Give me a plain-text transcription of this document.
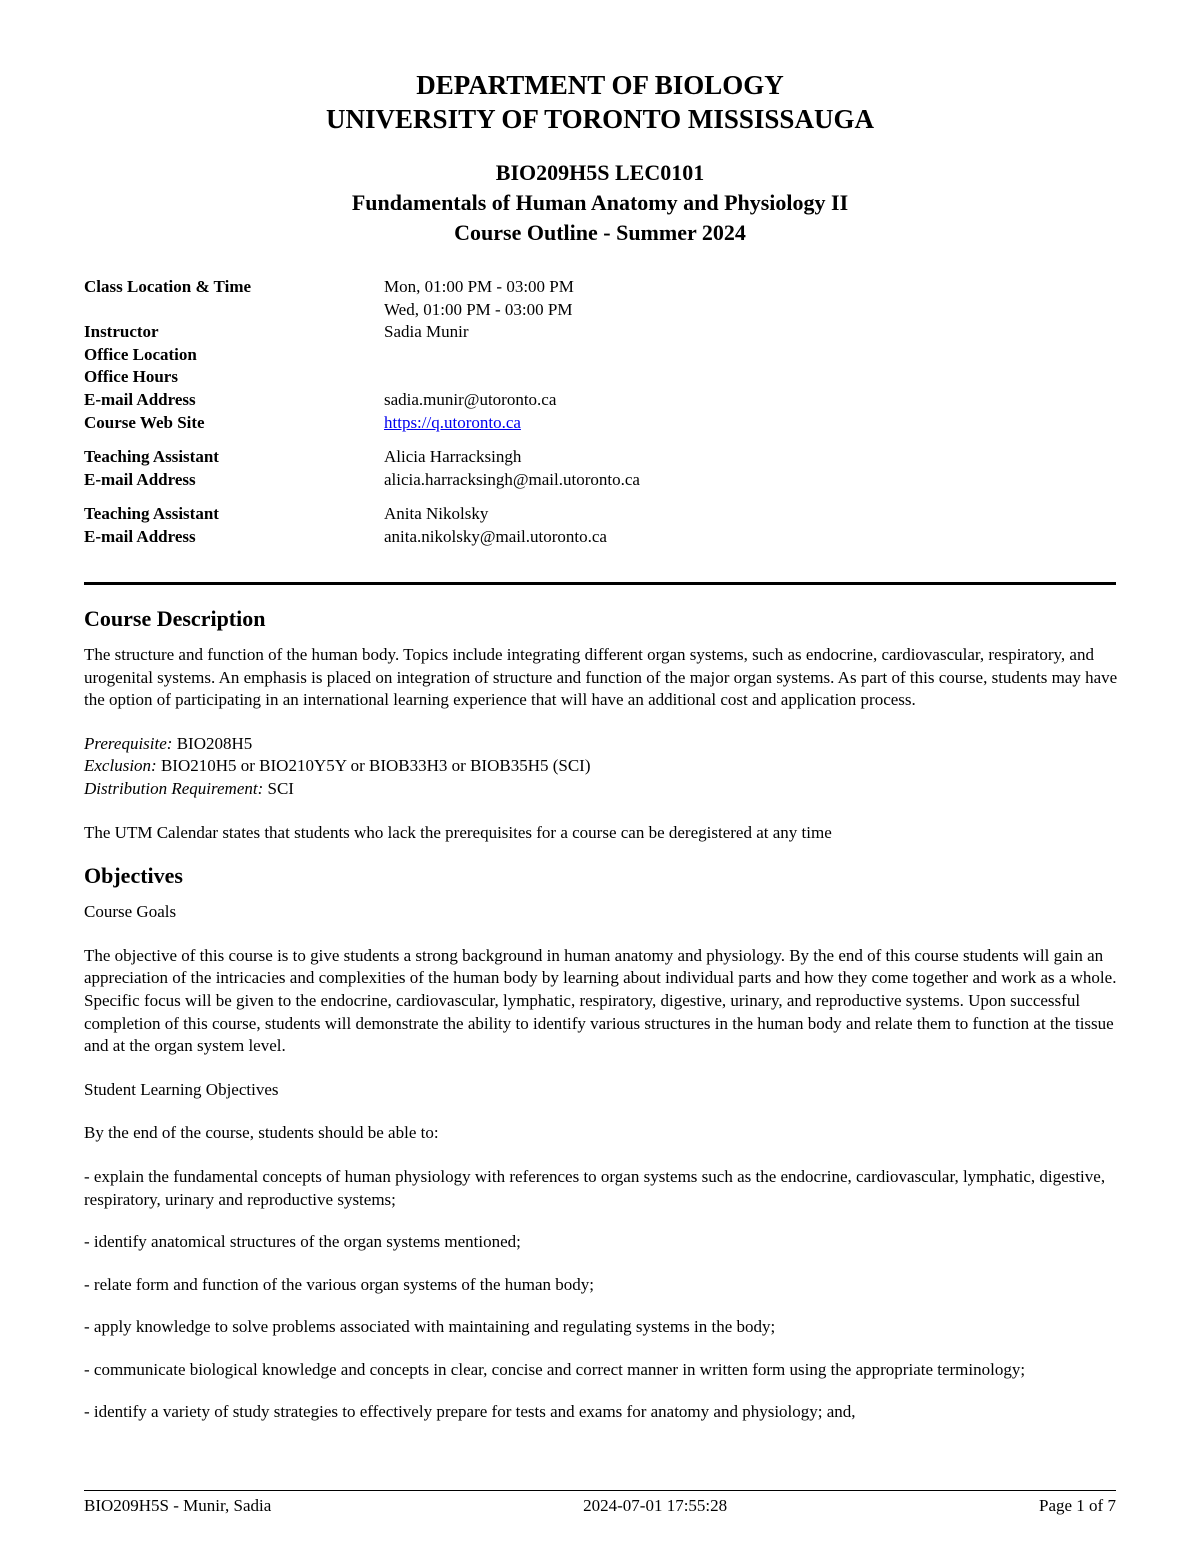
DEPARTMENT OF BIOLOGY
UNIVERSITY OF TORONTO MISSISSAUGA
BIO209H5S LEC0101
Fundamentals of Human Anatomy and Physiology II
Course Outline - Summer 2024
Class Location & Time	Mon, 01:00 PM - 03:00 PM
Wed, 01:00 PM - 03:00 PM
Instructor	Sadia Munir
Office Location
Office Hours
E-mail Address	sadia.munir@utoronto.ca
Course Web Site	https://q.utoronto.ca
Teaching Assistant	Alicia Harracksingh
E-mail Address	alicia.harracksingh@mail.utoronto.ca
Teaching Assistant	Anita Nikolsky
E-mail Address	anita.nikolsky@mail.utoronto.ca
Course Description

The structure and function of the human body. Topics include integrating different organ systems, such as endocrine, cardiovascular, respiratory, and urogenital systems. An emphasis is placed on integration of structure and function of the major organ systems. As part of this course, students may have the option of participating in an international learning experience that will have an additional cost and application process.

Prerequisite: BIO208H5
Exclusion: BIO210H5 or BIO210Y5Y or BIOB33H3 or BIOB35H5 (SCI)
Distribution Requirement: SCI

The UTM Calendar states that students who lack the prerequisites for a course can be deregistered at any time

Objectives

Course Goals

The objective of this course is to give students a strong background in human anatomy and physiology. By the end of this course students will gain an appreciation of the intricacies and complexities of the human body by learning about individual parts and how they come together and work as a whole. Specific focus will be given to the endocrine, cardiovascular, lymphatic, respiratory, digestive, urinary, and reproductive systems. Upon successful completion of this course, students will demonstrate the ability to identify various structures in the human body and relate them to function at the tissue and at the organ system level.

Student Learning Objectives

By the end of the course, students should be able to:

- explain the fundamental concepts of human physiology with references to organ systems such as the endocrine, cardiovascular, lymphatic, digestive, respiratory, urinary and reproductive systems;

- identify anatomical structures of the organ systems mentioned;

- relate form and function of the various organ systems of the human body;

- apply knowledge to solve problems associated with maintaining and regulating systems in the body;

- communicate biological knowledge and concepts in clear, concise and correct manner in written form using the appropriate terminology;

- identify a variety of study strategies to effectively prepare for tests and exams for anatomy and physiology; and,

BIO209H5S - Munir, Sadia	2024-07-01 17:55:28	Page 1 of 7
